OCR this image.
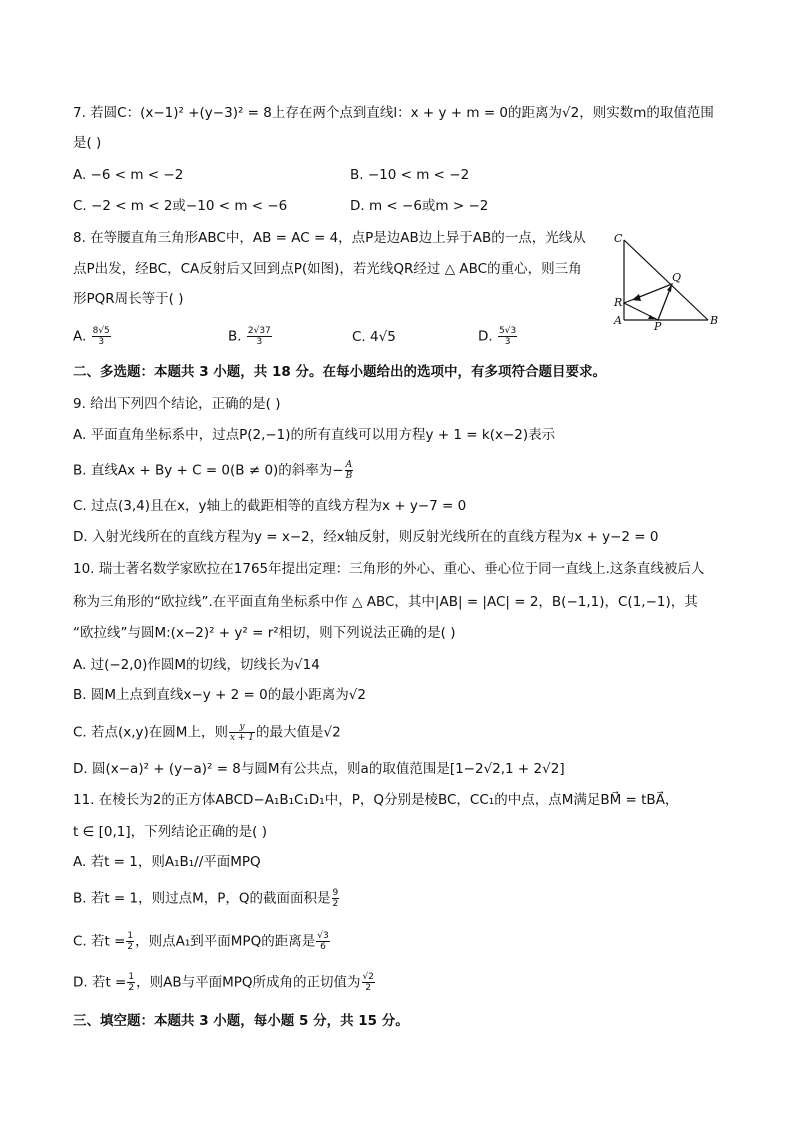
7. 若圆C：(x−1)² +(y−3)² = 8上存在两个点到直线l：x + y + m = 0的距离为√2，则实数m的取值范围
是( )
A. −6 < m < −2	B. −10 < m < −2
C. −2 < m < 2或−10 < m < −6	D. m < −6或m > −2
8. 在等腰直角三角形ABC中，AB = AC = 4，点P是边AB边上异于AB的一点，光线从
点P出发，经BC，CA反射后又回到点P(如图)，若光线QR经过 △ ABC的重心，则三角
形PQR周长等于( )
A. $\frac{8√5}{3}$	B. $\frac{2√37}{3}$	C. 4√5	D. $\frac{5√3}{3}$
C
Q
R
A	P	B
二、多选题：本题共 3 小题，共 18 分。在每小题给出的选项中，有多项符合题目要求。
9. 给出下列四个结论，正确的是( )
A. 平面直角坐标系中，过点P(2,−1)的所有直线可以用方程y + 1 = k(x−2)表示
B. 直线Ax + By + C = 0(B ≠ 0)的斜率为− $\frac{A}{B}$
C. 过点(3,4)且在x，y轴上的截距相等的直线方程为x + y−7 = 0
D. 入射光线所在的直线方程为y = x−2，经x轴反射，则反射光线所在的直线方程为x + y−2 = 0
10. 瑞士著名数学家欧拉在1765年提出定理：三角形的外心、重心、垂心位于同一直线上.这条直线被后人
称为三角形的“欧拉线”.在平面直角坐标系中作 △ ABC，其中|AB| = |AC| = 2，B(−1,1)，C(1,−1)，其
“欧拉线”与圆M:(x−2)² + y² = r²相切，则下列说法正确的是( )
A. 过(−2,0)作圆M的切线，切线长为√14
B. 圆M上点到直线x−y + 2 = 0的最小距离为√2
C. 若点(x,y)在圆M上，则 $\frac{y}{x + 1}$ 的最大值是√2
D. 圆(x−a)² + (y−a)² = 8与圆M有公共点，则a的取值范围是[1−2√2,1 + 2√2]
11. 在棱长为2的正方体ABCD−A₁B₁C₁D₁中，P，Q分别是棱BC，CC₁的中点，点M满足BM⃗ = tBA⃗，
t ∈ [0,1]，下列结论正确的是( )
A. 若t = 1，则A₁B₁//平面MPQ
B. 若t = 1，则过点M，P，Q的截面面积是 $\frac{9}{2}$
C. 若$t = \frac{1}{2}$ ，则点A₁到平面MPQ的距离是 $\frac{√3}{6}$
D. 若$t = \frac{1}{2}$ ，则AB与平面MPQ所成角的正切值为 $\frac{√2}{2}$
三、填空题：本题共 3 小题，每小题 5 分，共 15 分。
